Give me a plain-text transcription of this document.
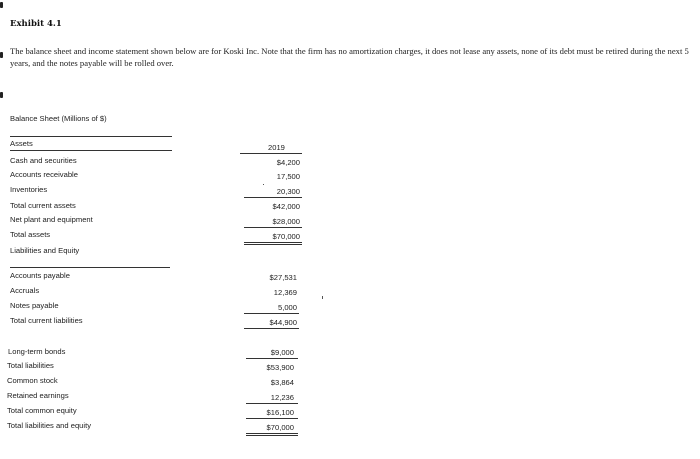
Exhibit 4.1
The balance sheet and income statement shown below are for Koski Inc. Note that the firm has no amortization charges, it does not lease any assets, none of its debt must be retired during the next 5 years, and the notes payable will be rolled over.
Balance Sheet (Millions of $)
Assets	2019
Cash and securities	$4,200
Accounts receivable	17,500
Inventories	20,300
Total current assets	$42,000
Net plant and equipment	$28,000
Total assets	$70,000
Liabilities and Equity
Accounts payable	$27,531
Accruals	12,369
Notes payable	5,000
Total current liabilities	$44,900
Long-term bonds	$9,000
Total liabilities	$53,900
Common stock	$3,864
Retained earnings	12,236
Total common equity	$16,100
Total liabilities and equity	$70,000
